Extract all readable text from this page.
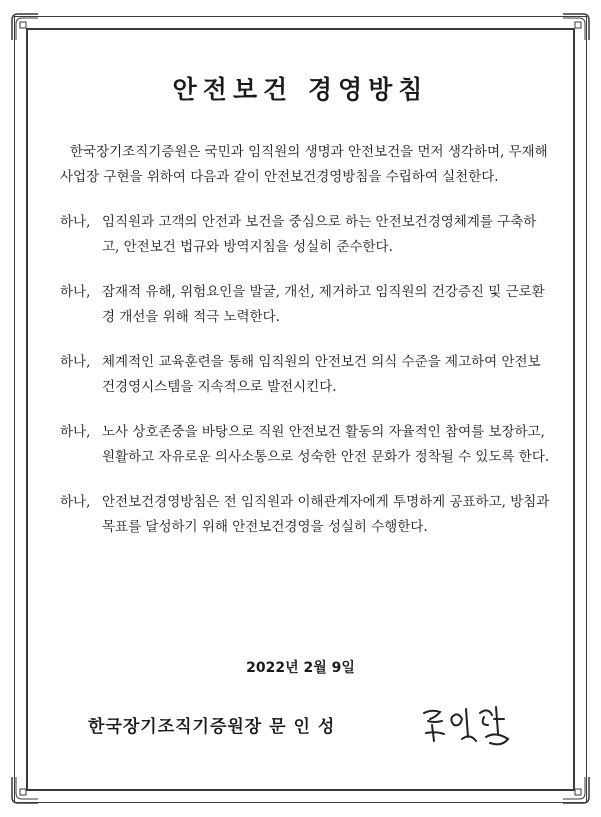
안전보건 경영방침

한국장기조직기증원은 국민과 임직원의 생명과 안전보건을 먼저 생각하며, 무재해 사업장 구현을 위하여 다음과 같이 안전보건경영방침을 수립하여 실천한다.

하나, 임직원과 고객의 안전과 보건을 중심으로 하는 안전보건경영체계를 구축하고, 안전보건 법규와 방역지침을 성실히 준수한다.
하나, 잠재적 유해, 위험요인을 발굴, 개선, 제거하고 임직원의 건강증진 및 근로환경 개선을 위해 적극 노력한다.
하나, 체계적인 교육훈련을 통해 임직원의 안전보건 의식 수준을 제고하여 안전보건경영시스템을 지속적으로 발전시킨다.
하나, 노사 상호존중을 바탕으로 직원 안전보건 활동의 자율적인 참여를 보장하고, 원활하고 자유로운 의사소통으로 성숙한 안전 문화가 정착될 수 있도록 한다.
하나, 안전보건경영방침은 전 임직원과 이해관계자에게 투명하게 공표하고, 방침과 목표를 달성하기 위해 안전보건경영을 성실히 수행한다.
2022년 2월 9일
한국장기조직기증원장 문 인 성
